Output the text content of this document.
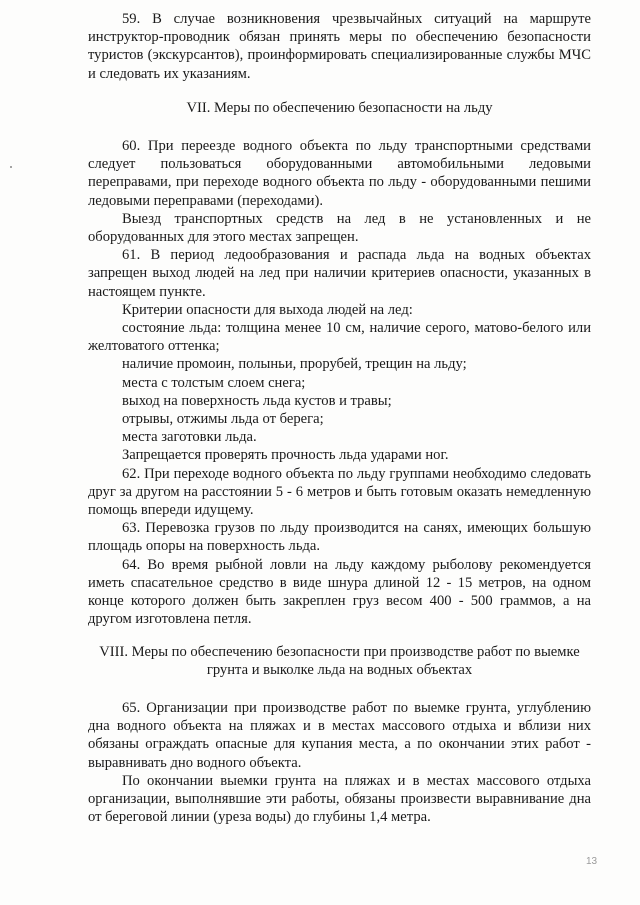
59. В случае возникновения чрезвычайных ситуаций на маршруте инструктор-проводник обязан принять меры по обеспечению безопасности туристов (экскурсантов), проинформировать специализированные службы МЧС и следовать их указаниям.

VII. Меры по обеспечению безопасности на льду

60. При переезде водного объекта по льду транспортными средствами следует пользоваться оборудованными автомобильными ледовыми переправами, при переходе водного объекта по льду - оборудованными пешими ледовыми переправами (переходами).

Выезд транспортных средств на лед в не установленных и не оборудованных для этого местах запрещен.

61. В период ледообразования и распада льда на водных объектах запрещен выход людей на лед при наличии критериев опасности, указанных в настоящем пункте.

Критерии опасности для выхода людей на лед:

состояние льда: толщина менее 10 см, наличие серого, матово-белого или желтоватого оттенка;

наличие промоин, полыньи, прорубей, трещин на льду;

места с толстым слоем снега;

выход на поверхность льда кустов и травы;

отрывы, отжимы льда от берега;

места заготовки льда.

Запрещается проверять прочность льда ударами ног.

62. При переходе водного объекта по льду группами необходимо следовать друг за другом на расстоянии 5 - 6 метров и быть готовым оказать немедленную помощь впереди идущему.

63. Перевозка грузов по льду производится на санях, имеющих большую площадь опоры на поверхность льда.

64. Во время рыбной ловли на льду каждому рыболову рекомендуется иметь спасательное средство в виде шнура длиной 12 - 15 метров, на одном конце которого должен быть закреплен груз весом 400 - 500 граммов, а на другом изготовлена петля.

VIII. Меры по обеспечению безопасности при производстве работ по выемке грунта и выколке льда на водных объектах

65. Организации при производстве работ по выемке грунта, углублению дна водного объекта на пляжах и в местах массового отдыха и вблизи них обязаны ограждать опасные для купания места, а по окончании этих работ - выравнивать дно водного объекта.

По окончании выемки грунта на пляжах и в местах массового отдыха организации, выполнявшие эти работы, обязаны произвести выравнивание дна от береговой линии (уреза воды) до глубины 1,4 метра.

13
